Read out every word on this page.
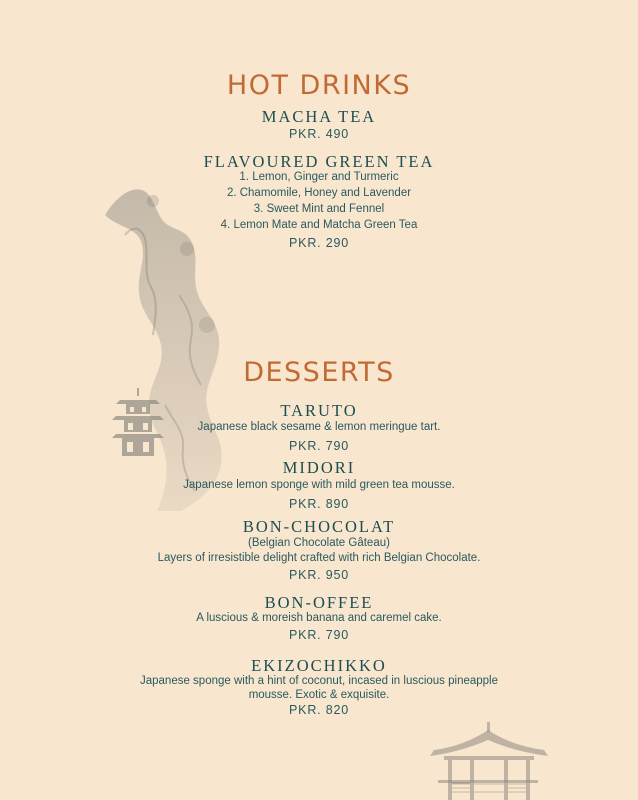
HOT DRINKS
MACHA TEA
PKR. 490
FLAVOURED GREEN TEA
1. Lemon, Ginger and Turmeric
2. Chamomile, Honey and Lavender
3. Sweet Mint and Fennel
4. Lemon Mate and Matcha Green Tea
PKR. 290
DESSERTS
TARUTO
Japanese black sesame & lemon meringue tart.
PKR. 790
MIDORI
Japanese lemon sponge with mild green tea mousse.
PKR. 890
BON-CHOCOLAT
(Belgian Chocolate Gâteau)
Layers of irresistible delight crafted with rich Belgian Chocolate.
PKR. 950
BON-OFFEE
A luscious & moreish banana and caremel cake.
PKR. 790
EKIZOCHIKKO
Japanese sponge with a hint of coconut, incased in luscious pineapple
mousse. Exotic & exquisite.
PKR. 820
